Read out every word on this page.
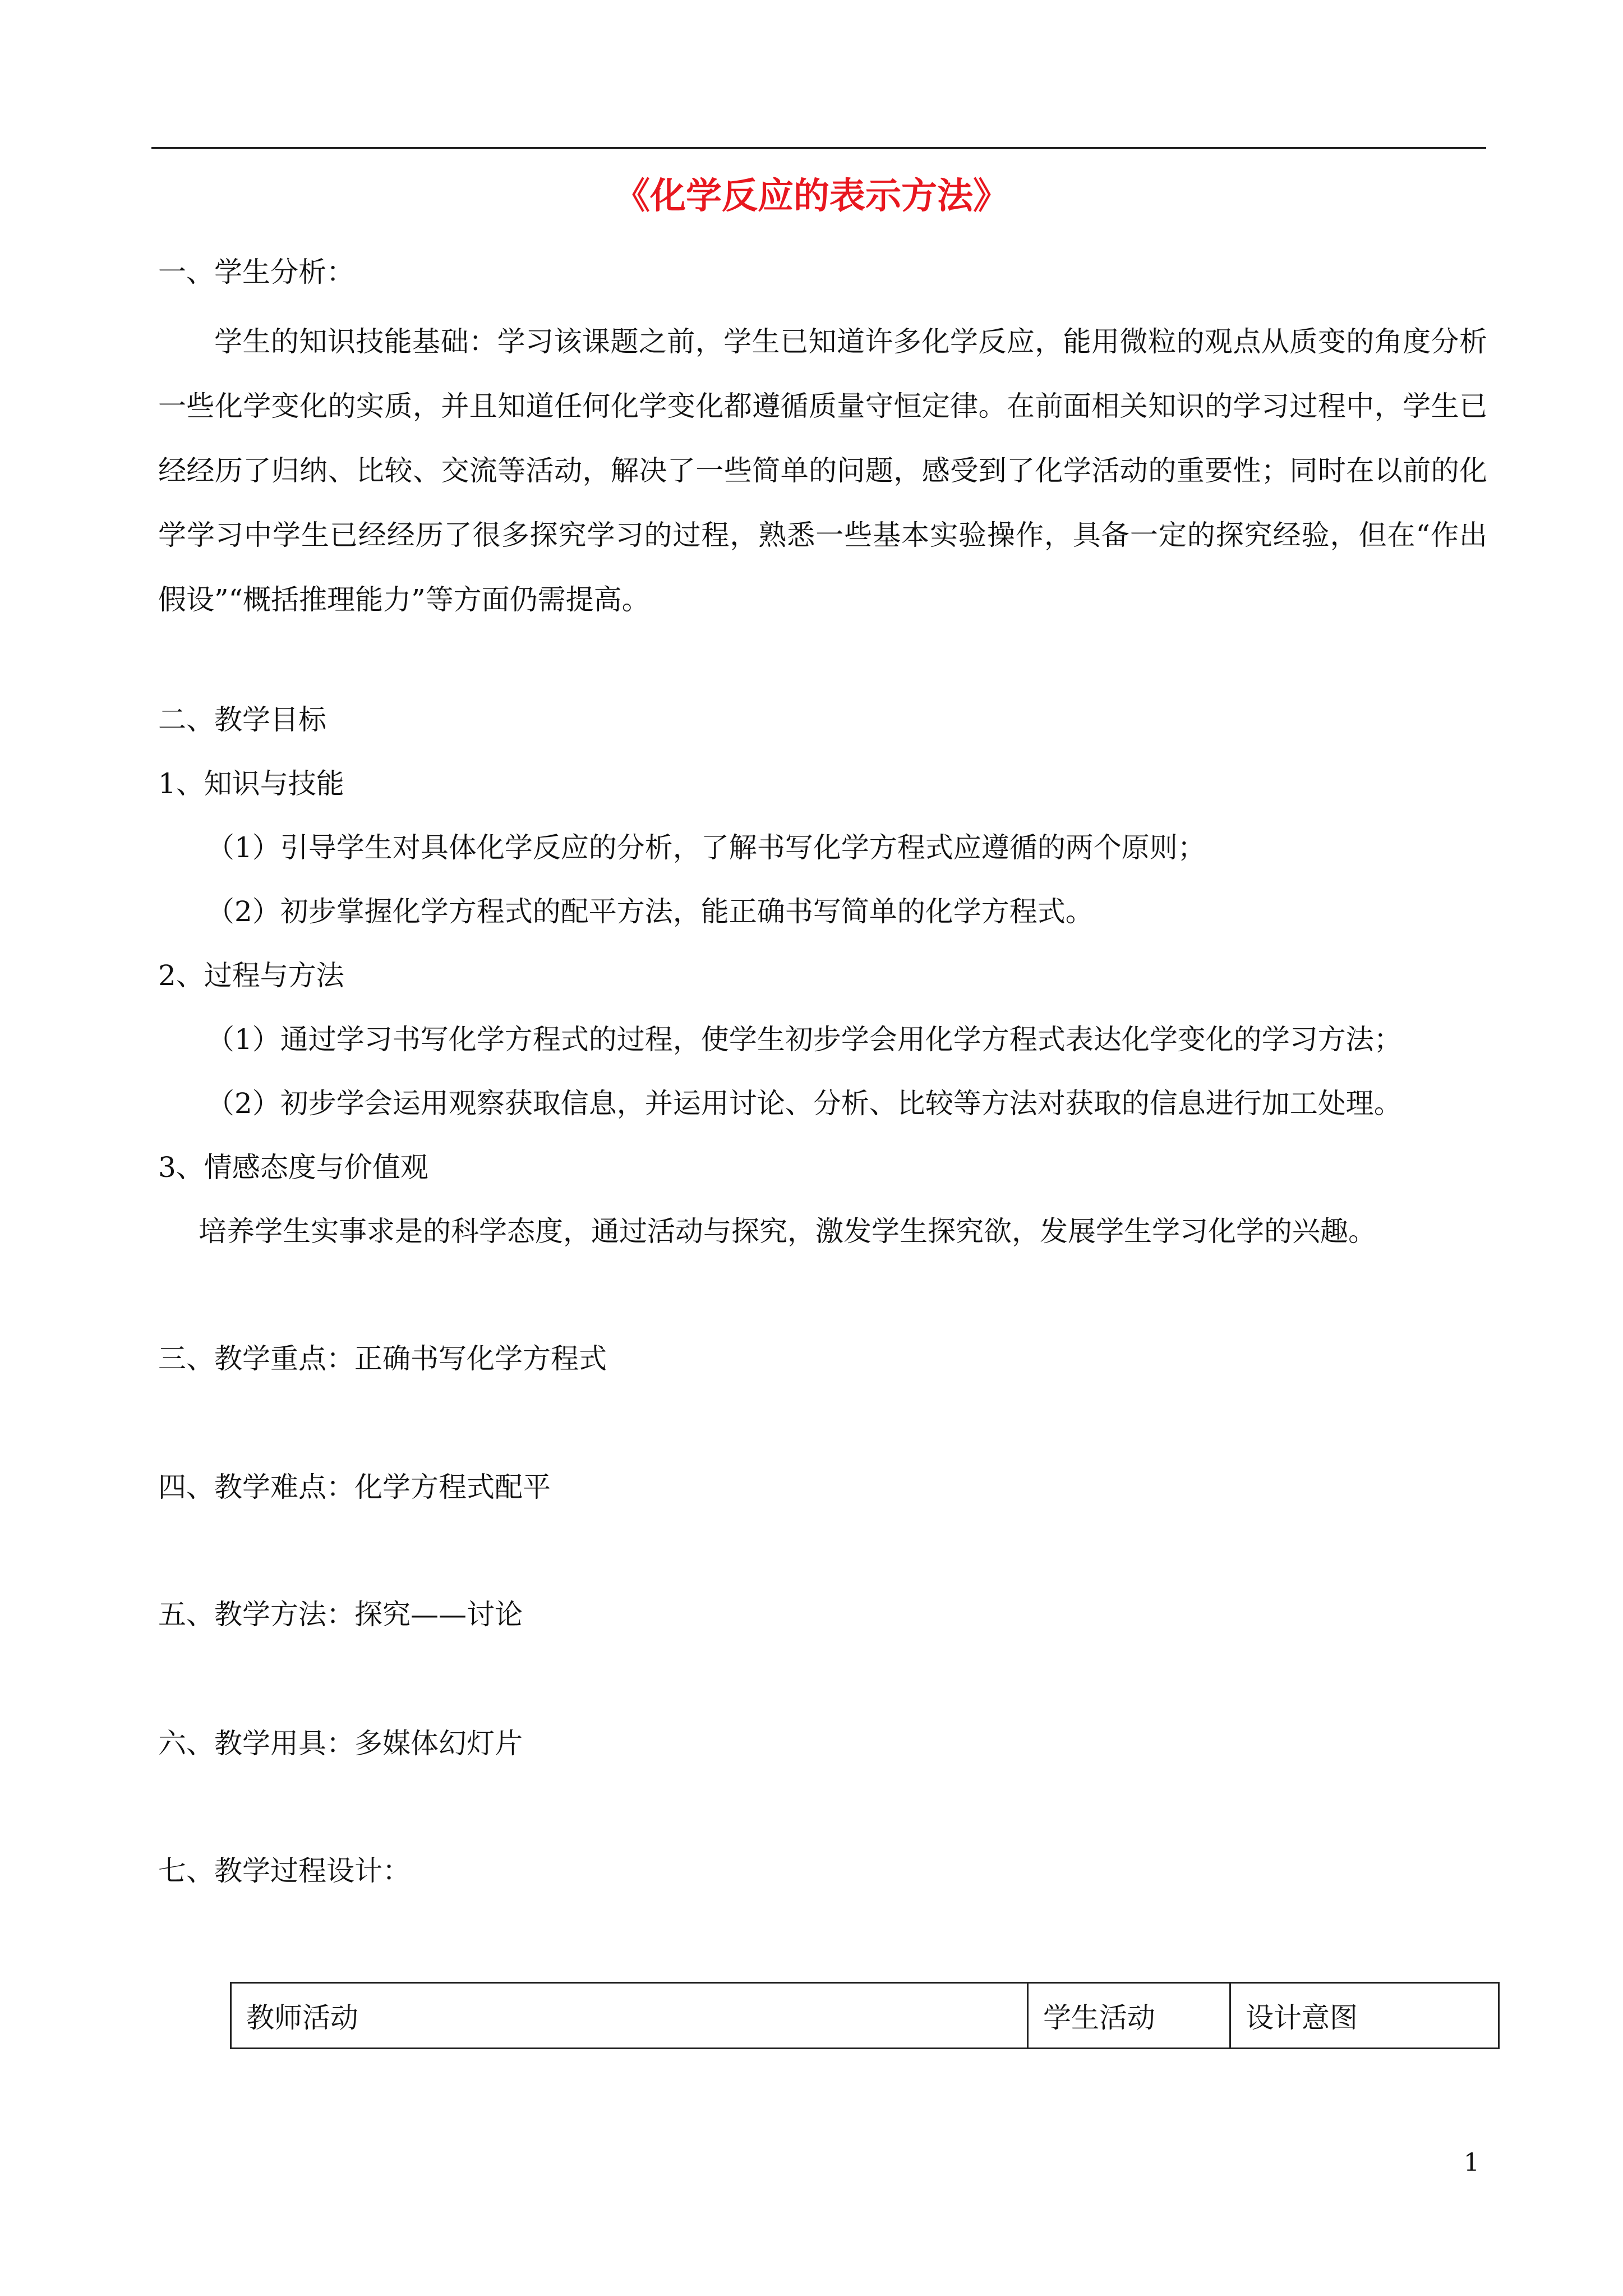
《化学反应的表示方法》
一、学生分析：
学生的知识技能基础：学习该课题之前，学生已知道许多化学反应，能用微粒的观点从质变的角度分析一些化学变化的实质，并且知道任何化学变化都遵循质量守恒定律。在前面相关知识的学习过程中，学生已经经历了归纳、比较、交流等活动，解决了一些简单的问题，感受到了化学活动的重要性；同时在以前的化学学习中学生已经经历了很多探究学习的过程，熟悉一些基本实验操作，具备一定的探究经验，但在“作出假设”“概括推理能力”等方面仍需提高。
二、教学目标
1、知识与技能
（1）引导学生对具体化学反应的分析，了解书写化学方程式应遵循的两个原则；
（2）初步掌握化学方程式的配平方法，能正确书写简单的化学方程式。
2、过程与方法
（1）通过学习书写化学方程式的过程，使学生初步学会用化学方程式表达化学变化的学习方法；
（2）初步学会运用观察获取信息，并运用讨论、分析、比较等方法对获取的信息进行加工处理。
3、情感态度与价值观
培养学生实事求是的科学态度，通过活动与探究，激发学生探究欲，发展学生学习化学的兴趣。
三、教学重点：正确书写化学方程式
四、教学难点：化学方程式配平
五、教学方法：探究——讨论
六、教学用具：多媒体幻灯片
七、教学过程设计：
教师活动	学生活动	设计意图
1
